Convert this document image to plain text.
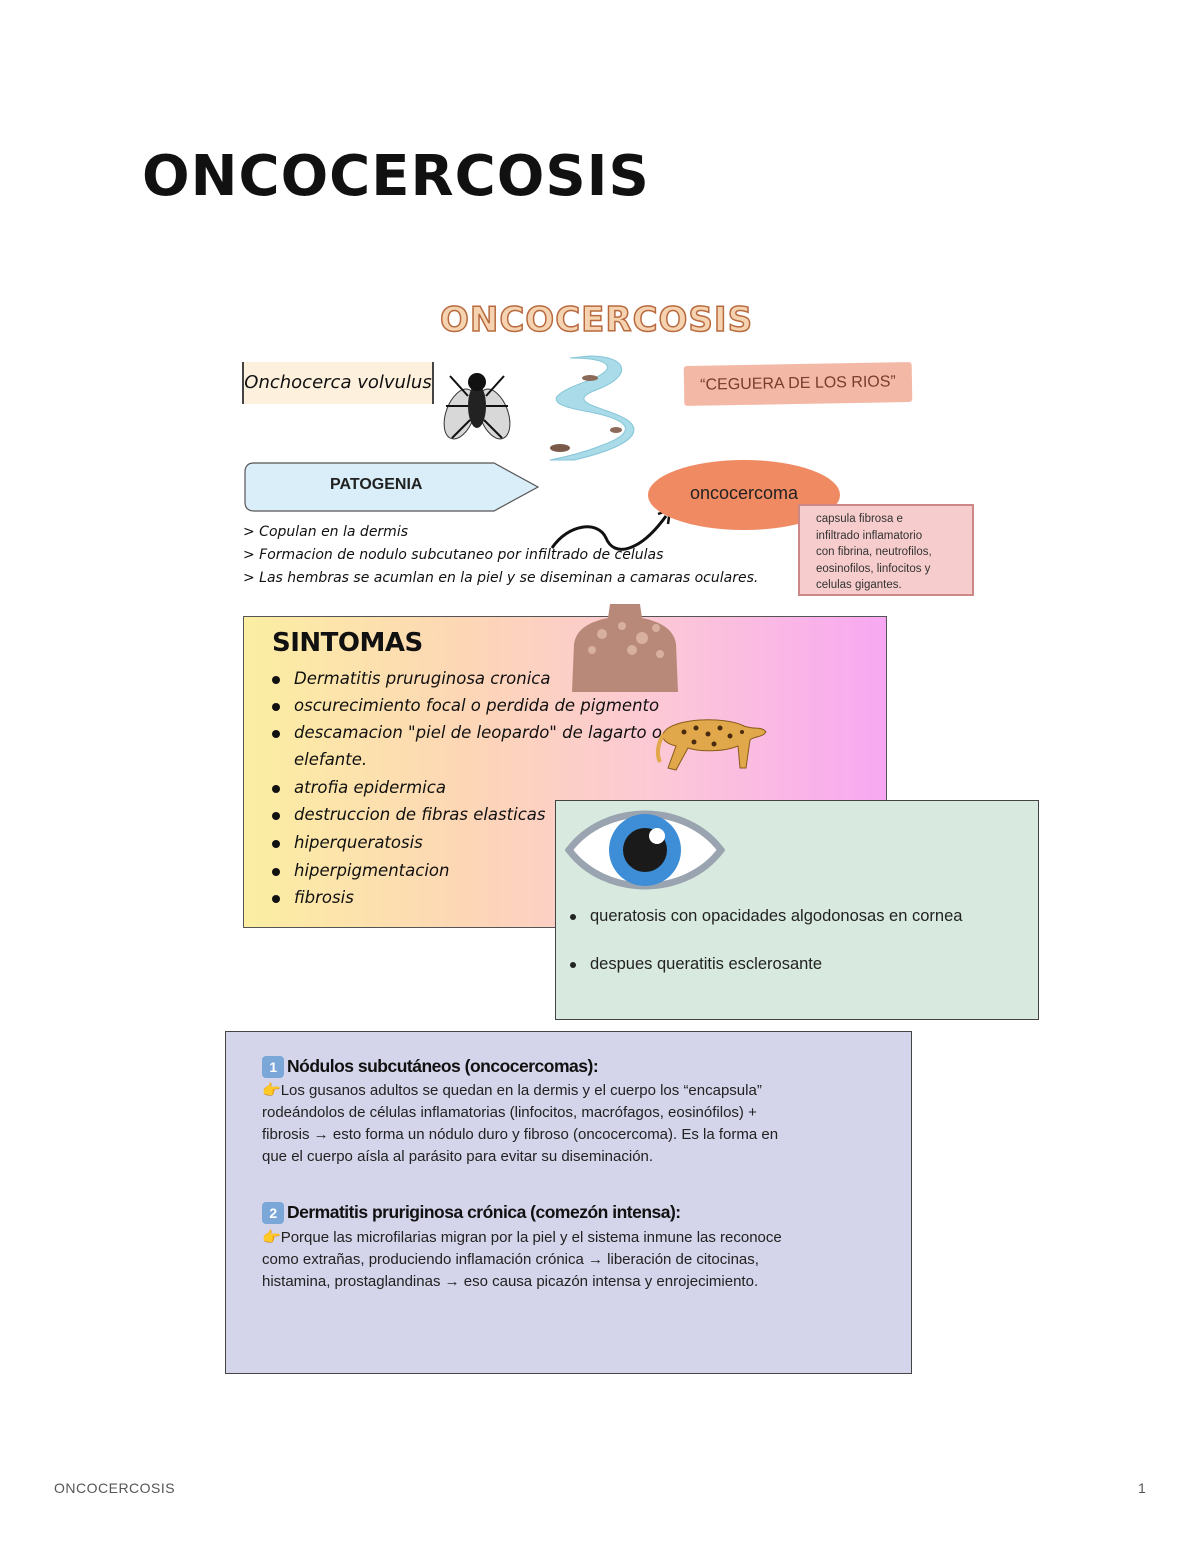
ONCOCERCOSIS
ONCOCERCOSIS
Onchocerca volvulus	“CEGUERA DE LOS RIOS”
PATOGENIA
> Copulan en la dermis
> Formacion de nodulo subcutaneo por infiltrado de celulas
> Las hembras se acumlan en la piel y se diseminan a camaras oculares.
oncocercoma
capsula fibrosa e
infiltrado inflamatorio
con fibrina, neutrofilos,
eosinofilos, linfocitos y
celulas gigantes.
SINTOMAS
Dermatitis pruruginosa cronica
oscurecimiento focal o perdida de pigmento
descamacion "piel de leopardo" de lagarto o
elefante.
atrofia epidermica
destruccion de fibras elasticas
hiperqueratosis
hiperpigmentacion
fibrosis
queratosis con opacidades algodonosas en cornea
despues queratitis esclerosante
1 Nódulos subcutáneos (oncocercomas):
👉Los gusanos adultos se quedan en la dermis y el cuerpo los “encapsula”
rodeándolos de células inflamatorias (linfocitos, macrófagos, eosinófilos) +
fibrosis → esto forma un nódulo duro y fibroso (oncocercoma). Es la forma en
que el cuerpo aísla al parásito para evitar su diseminación.
2 Dermatitis pruriginosa crónica (comezón intensa):
👉Porque las microfilarias migran por la piel y el sistema inmune las reconoce
como extrañas, produciendo inflamación crónica → liberación de citocinas,
histamina, prostaglandinas → eso causa picazón intensa y enrojecimiento.
ONCOCERCOSIS	1
